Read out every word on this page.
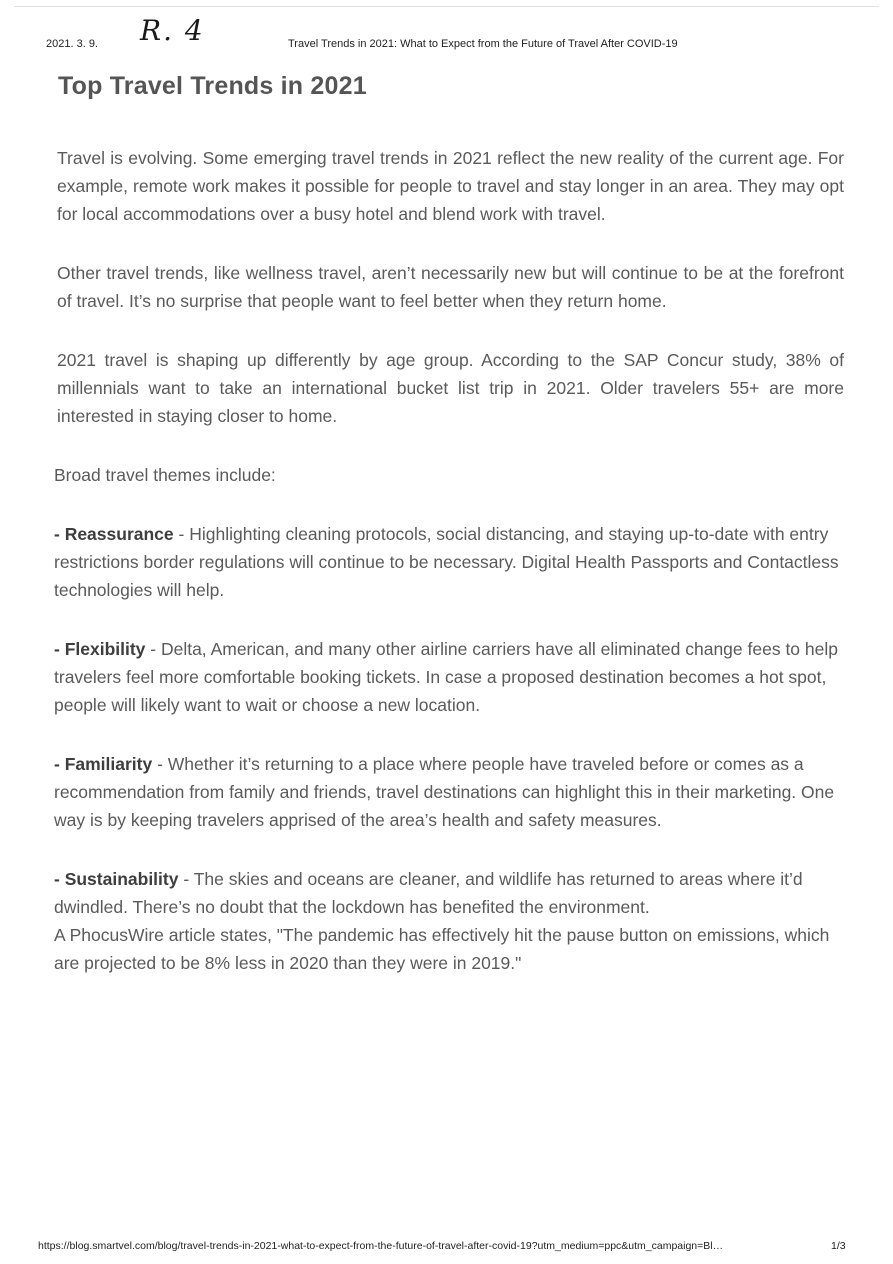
2021. 3. 9. R. 4	Travel Trends in 2021: What to Expect from the Future of Travel After COVID-19
Top Travel Trends in 2021

Travel is evolving. Some emerging travel trends in 2021 reflect the new reality of the current age. For example, remote work makes it possible for people to travel and stay longer in an area. They may opt for local accommodations over a busy hotel and blend work with travel.

Other travel trends, like wellness travel, aren’t necessarily new but will continue to be at the forefront of travel. It’s no surprise that people want to feel better when they return home.

2021 travel is shaping up differently by age group. According to the SAP Concur study, 38% of millennials want to take an international bucket list trip in 2021. Older travelers 55+ are more interested in staying closer to home.

Broad travel themes include:

- Reassurance - Highlighting cleaning protocols, social distancing, and staying up-to-date with entry restrictions border regulations will continue to be necessary. Digital Health Passports and Contactless technologies will help.

- Flexibility - Delta, American, and many other airline carriers have all eliminated change fees to help travelers feel more comfortable booking tickets. In case a proposed destination becomes a hot spot, people will likely want to wait or choose a new location.

- Familiarity - Whether it’s returning to a place where people have traveled before or comes as a recommendation from family and friends, travel destinations can highlight this in their marketing. One way is by keeping travelers apprised of the area’s health and safety measures.

- Sustainability - The skies and oceans are cleaner, and wildlife has returned to areas where it’d dwindled. There’s no doubt that the lockdown has benefited the environment.
A PhocusWire article states, "The pandemic has effectively hit the pause button on emissions, which are projected to be 8% less in 2020 than they were in 2019."

https://blog.smartvel.com/blog/travel-trends-in-2021-what-to-expect-from-the-future-of-travel-after-covid-19?utm_medium=ppc&utm_campaign=Bl…	1/3
